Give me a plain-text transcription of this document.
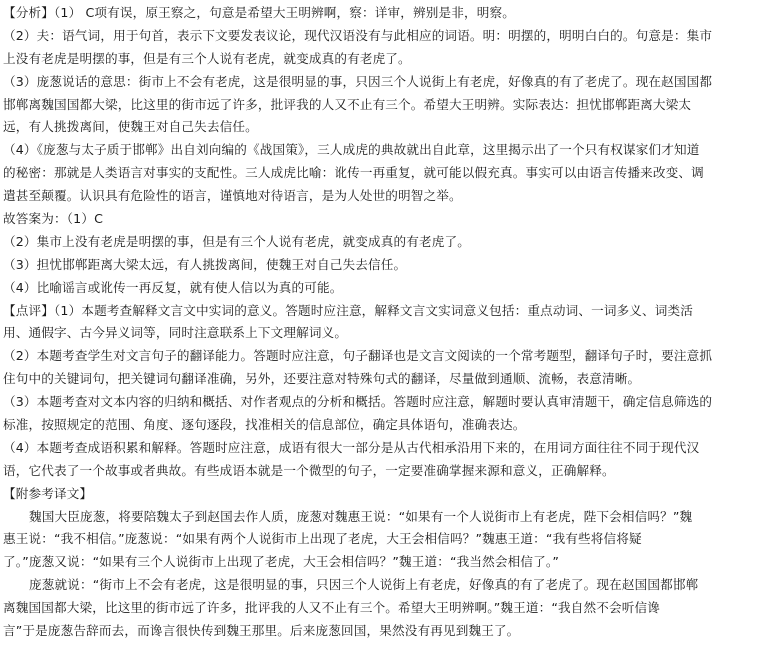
【分析】（1） C项有误，原王察之，句意是希望大王明辨啊，察：详审，辨别是非，明察。
（2）夫：语气词，用于句首，表示下文要发表议论，现代汉语没有与此相应的词语。明：明摆的，明明白白的。句意是：集市
上没有老虎是明摆的事，但是有三个人说有老虎，就变成真的有老虎了。
（3）庞葱说话的意思：街市上不会有老虎，这是很明显的事，只因三个人说街上有老虎，好像真的有了老虎了。现在赵国国都
邯郸离魏国国都大梁，比这里的街市远了许多，批评我的人又不止有三个。希望大王明辨。实际表达：担忧邯郸距离大梁太
远，有人挑拨离间，使魏王对自己失去信任。
（4）《庞葱与太子质于邯郸》出自刘向编的《战国策》，三人成虎的典故就出自此章，这里揭示出了一个只有权谋家们才知道
的秘密：那就是人类语言对事实的支配性。三人成虎比喻：讹传一再重复，就可能以假充真。事实可以由语言传播来改变、调
遣甚至颠覆。认识具有危险性的语言，谨慎地对待语言，是为人处世的明智之举。
故答案为：（1）C
（2）集市上没有老虎是明摆的事，但是有三个人说有老虎，就变成真的有老虎了。
（3）担忧邯郸距离大梁太远，有人挑拨离间，使魏王对自己失去信任。
（4）比喻谣言或讹传一再反复，就有使人信以为真的可能。
【点评】（1）本题考查解释文言文中实词的意义。答题时应注意，解释文言文实词意义包括：重点动词、一词多义、词类活
用、通假字、古今异义词等，同时注意联系上下文理解词义。
（2）本题考查学生对文言句子的翻译能力。答题时应注意，句子翻译也是文言文阅读的一个常考题型，翻译句子时，要注意抓
住句中的关键词句，把关键词句翻译准确，另外，还要注意对特殊句式的翻译，尽量做到通顺、流畅，表意清晰。
（3）本题考查对文本内容的归纳和概括、对作者观点的分析和概括。答题时应注意，解题时要认真审清题干，确定信息筛选的
标准，按照规定的范围、角度、逐句逐段，找准相关的信息部位，确定具体语句，准确表达。
（4）本题考查成语积累和解释。答题时应注意，成语有很大一部分是从古代相承沿用下来的，在用词方面往往不同于现代汉
语，它代表了一个故事或者典故。有些成语本就是一个微型的句子，一定要准确掌握来源和意义，正确解释。
【附参考译文】
魏国大臣庞葱，将要陪魏太子到赵国去作人质，庞葱对魏惠王说：“如果有一个人说街市上有老虎，陛下会相信吗？”魏
惠王说：“我不相信。”庞葱说：“如果有两个人说街市上出现了老虎，大王会相信吗？”魏惠王道：“我有些将信将疑
了。”庞葱又说：“如果有三个人说街市上出现了老虎，大王会相信吗？”魏王道：“我当然会相信了。”
庞葱就说：“街市上不会有老虎，这是很明显的事，只因三个人说街上有老虎，好像真的有了老虎了。现在赵国国都邯郸
离魏国国都大梁，比这里的街市远了许多，批评我的人又不止有三个。希望大王明辨啊。”魏王道：“我自然不会听信谗
言”于是庞葱告辞而去，而谗言很快传到魏王那里。后来庞葱回国，果然没有再见到魏王了。
